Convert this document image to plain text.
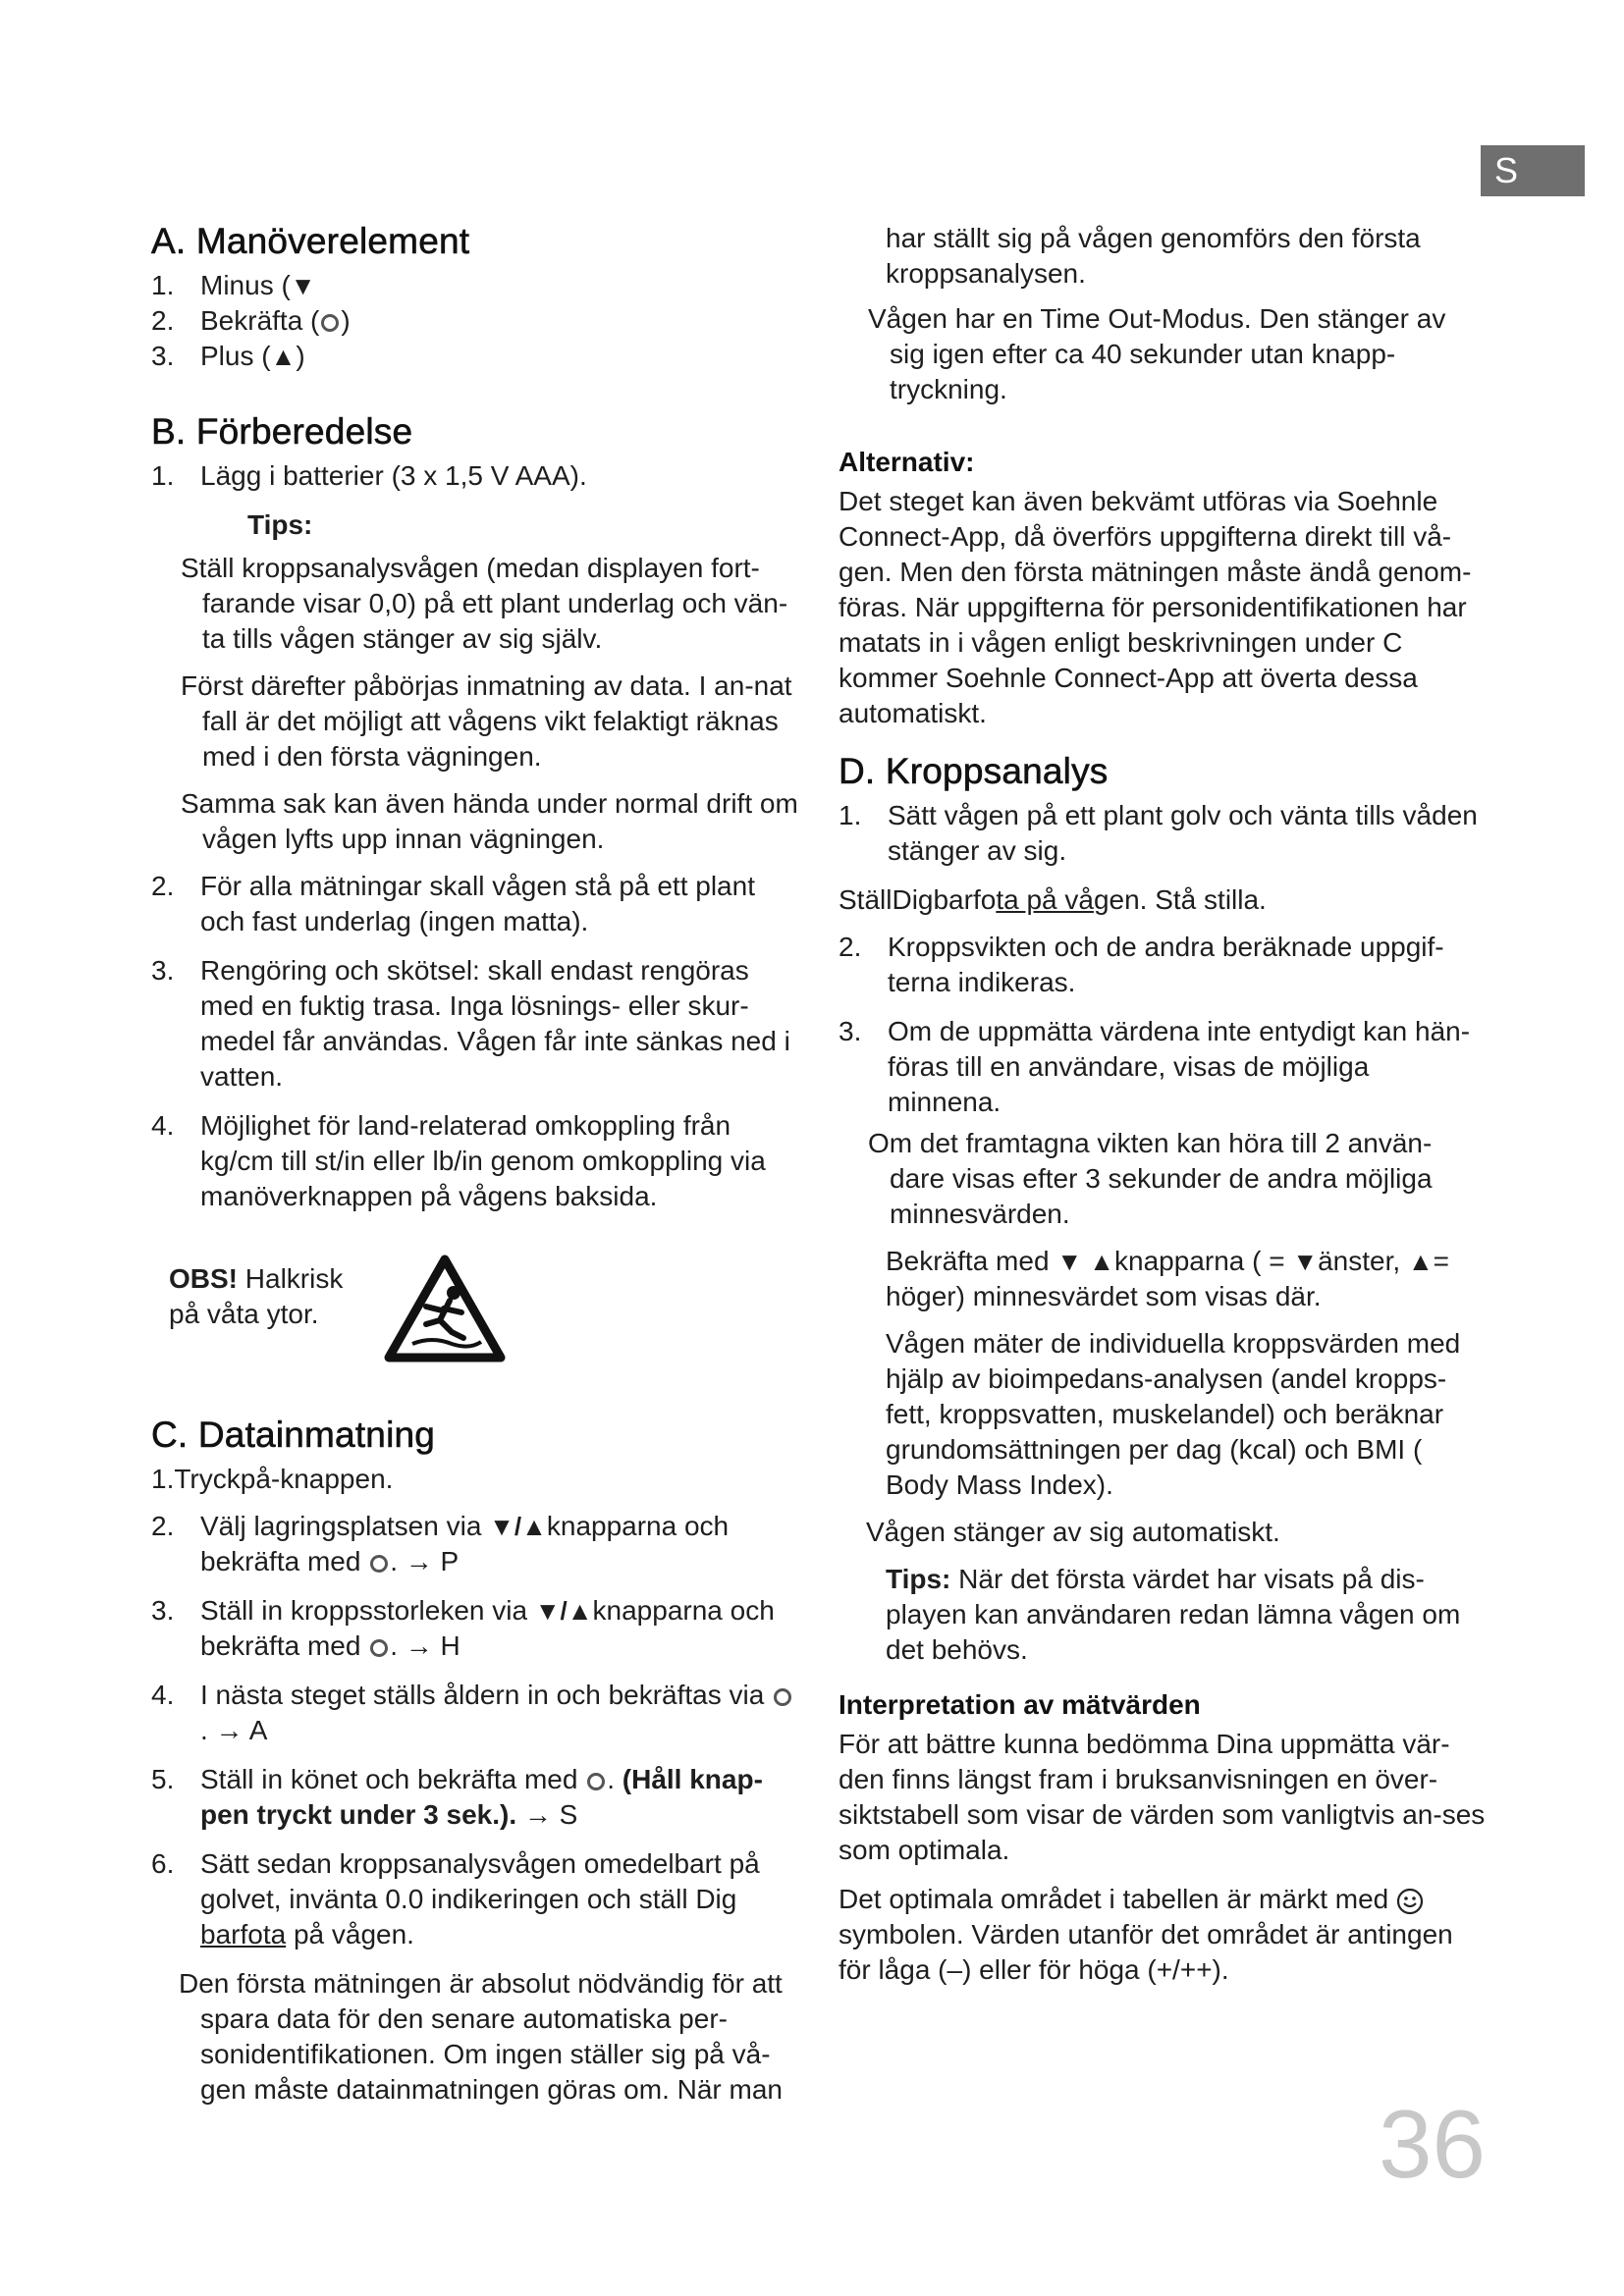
S
A. Manöverelement
1. Minus (▼
2. Bekräfta ( )
3. Plus (▲)
B. Förberedelse
1. Lägg i batterier (3 x 1,5 V AAA).

Tips:

Ställ kroppsanalysvågen (medan displayen fort-farande visar 0,0) på ett plant underlag och vän-ta tills vågen stänger av sig själv.

Först därefter påbörjas inmatning av data. I an-nat fall är det möjligt att vågens vikt felaktigt räknas med i den första vägningen.

Samma sak kan även hända under normal drift om vågen lyfts upp innan vägningen.

2. För alla mätningar skall vågen stå på ett plant och fast underlag (ingen matta).
3. Rengöring och skötsel: skall endast rengöras med en fuktig trasa. Inga lösnings- eller skur-medel får användas. Vågen får inte sänkas ned i vatten.
4. Möjlighet för land-relaterad omkoppling från kg/cm till st/in eller lb/in genom omkoppling via manöverknappen på vågens baksida.

OBS! Halkrisk

på våta ytor.

C. Datainmatning

1.Tryckpå-knappen.

2. Välj lagringsplatsen via ▼/▲knapparna och bekräfta med . → P
3. Ställ in kroppsstorleken via ▼/▲knapparna och bekräfta med . → H
4. I nästa steget ställs åldern in och bekräftas via . → A
5. Ställ in könet och bekräfta med . (Håll knap-pen tryckt under 3 sek.). → S
6. Sätt sedan kroppsanalysvågen omedelbart på golvet, invänta 0.0 indikeringen och ställ Dig barfota på vågen.

Den första mätningen är absolut nödvändig för att spara data för den senare automatiska per-sonidentifikationen. Om ingen ställer sig på vå-gen måste datainmatningen göras om. När man

har ställt sig på vågen genomförs den första kroppsanalysen.

Vågen har en Time Out-Modus. Den stänger av sig igen efter ca 40 sekunder utan knapp-tryckning.

Alternativ:

Det steget kan även bekvämt utföras via Soehnle Connect-App, då överförs uppgifterna direkt till vå-gen. Men den första mätningen måste ändå genom-föras. När uppgifterna för personidentifikationen har matats in i vågen enligt beskrivningen under C kommer Soehnle Connect-App att överta dessa automatiskt.

D. Kroppsanalys
1. Sätt vågen på ett plant golv och vänta tills våden stänger av sig.

StällDigbarfota på vågen. Stå stilla.

2. Kroppsvikten och de andra beräknade uppgif-terna indikeras.
3. Om de uppmätta värdena inte entydigt kan hän-föras till en användare, visas de möjliga minnena.

Om det framtagna vikten kan höra till 2 använ-dare visas efter 3 sekunder de andra möjliga minnesvärden.

Bekräfta med ▼ ▲knapparna ( = ▼änster, ▲= höger) minnesvärdet som visas där.

Vågen mäter de individuella kroppsvärden med hjälp av bioimpedans-analysen (andel kropps-fett, kroppsvatten, muskelandel) och beräknar grundomsättningen per dag (kcal) och BMI ( Body Mass Index).

Vågen stänger av sig automatiskt.

Tips: När det första värdet har visats på dis-playen kan användaren redan lämna vågen om det behövs.

Interpretation av mätvärden

För att bättre kunna bedömma Dina uppmätta vär-den finns längst fram i bruksanvisningen en över-siktstabell som visar de värden som vanligtvis an-ses som optimala.

Det optimala området i tabellen är märkt med  symbolen. Värden utanför det området är antingen för låga (–) eller för höga (+/++).

36
